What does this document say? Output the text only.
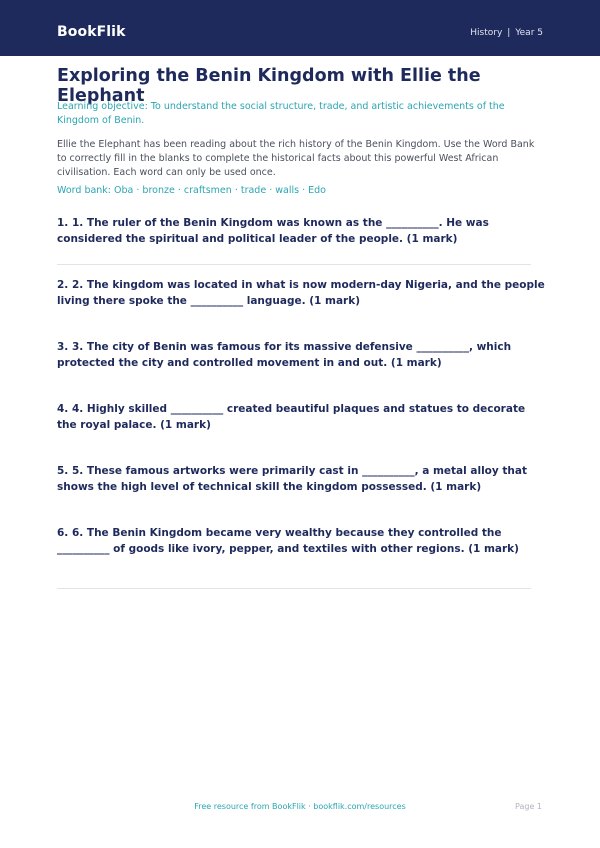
BookFlik	History | Year 5
Exploring the Benin Kingdom with Ellie the Elephant

Learning objective: To understand the social structure, trade, and artistic achievements of the Kingdom of Benin.

Ellie the Elephant has been reading about the rich history of the Benin Kingdom. Use the Word Bank to correctly fill in the blanks to complete the historical facts about this powerful West African civilisation. Each word can only be used once.

Word bank: Oba · bronze · craftsmen · trade · walls · Edo

1. 1. The ruler of the Benin Kingdom was known as the __________. He was considered the spiritual and political leader of the people. (1 mark)

2. 2. The kingdom was located in what is now modern-day Nigeria, and the people living there spoke the __________ language. (1 mark)

3. 3. The city of Benin was famous for its massive defensive __________, which protected the city and controlled movement in and out. (1 mark)

4. 4. Highly skilled __________ created beautiful plaques and statues to decorate the royal palace. (1 mark)

5. 5. These famous artworks were primarily cast in __________, a metal alloy that shows the high level of technical skill the kingdom possessed. (1 mark)

6. 6. The Benin Kingdom became very wealthy because they controlled the __________ of goods like ivory, pepper, and textiles with other regions. (1 mark)

Free resource from BookFlik · bookflik.com/resources	Page 1
